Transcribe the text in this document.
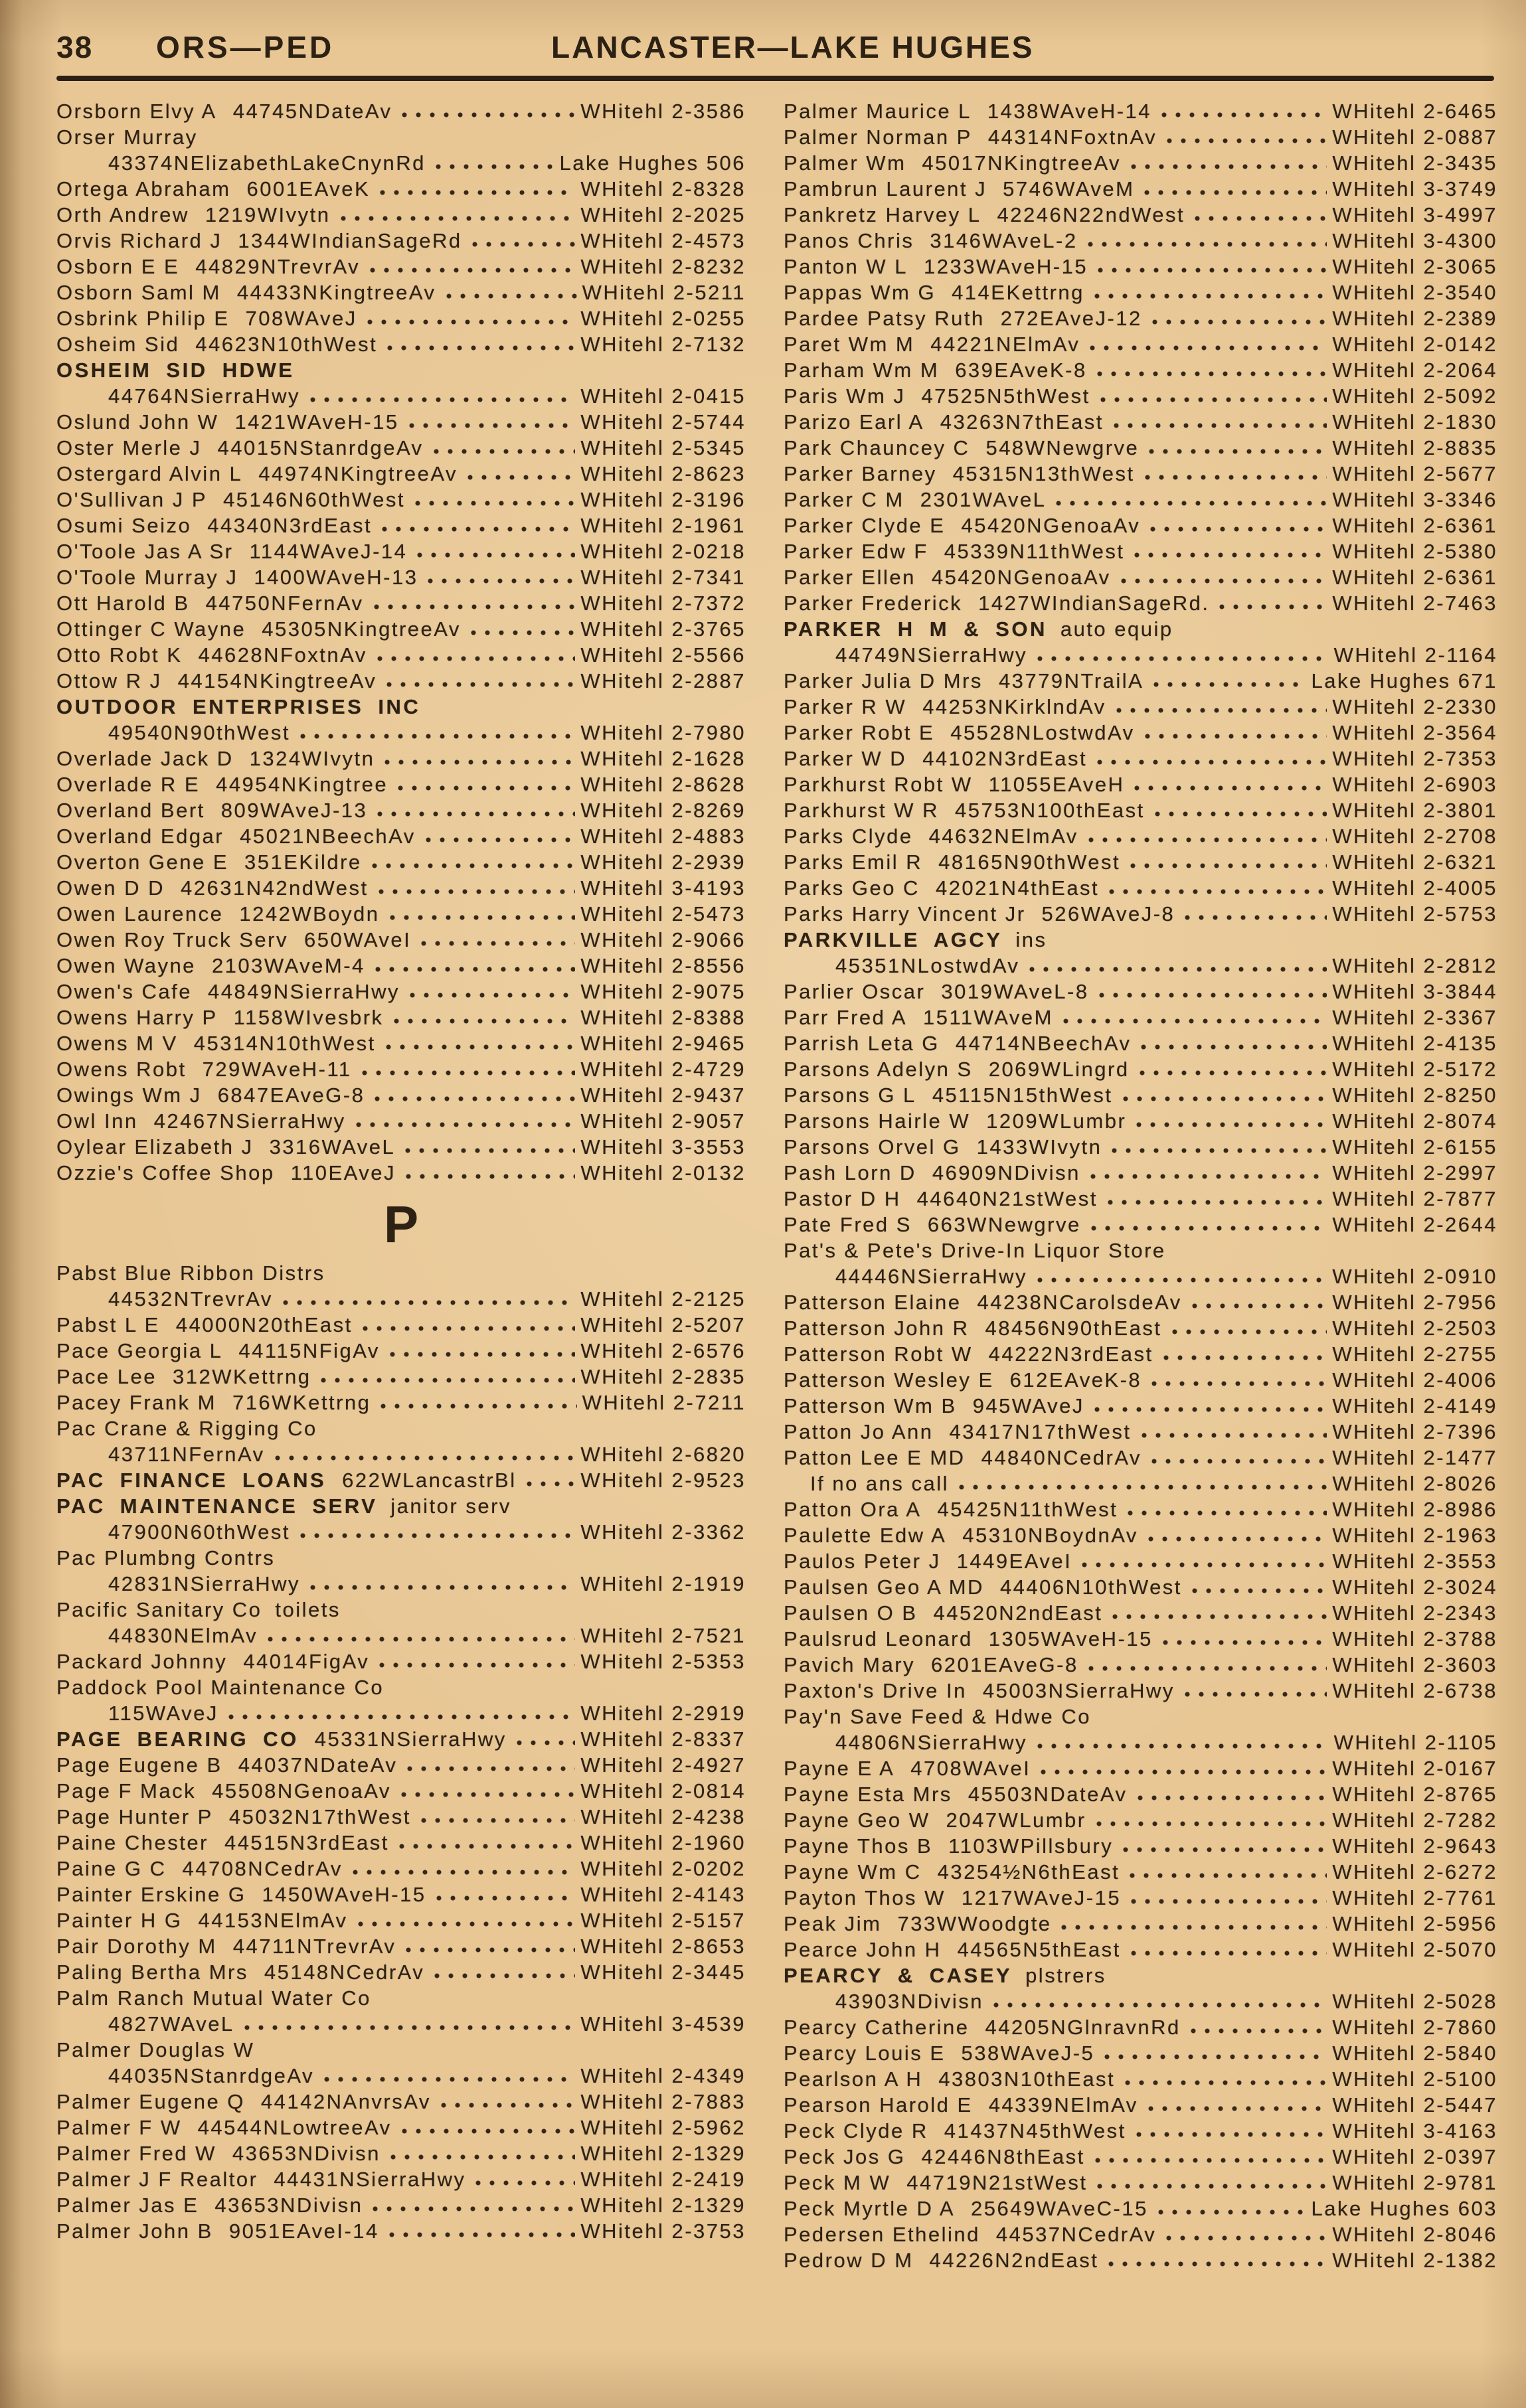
38 ORS—PED	LANCASTER—LAKE HUGHES
Orsborn Elvy A 44745NDateAv	WHitehl 2-3586
Orser Murray
43374NElizabethLakeCnynRd	Lake Hughes 506
Ortega Abraham 6001EAveK	WHitehl 2-8328
Orth Andrew 1219WIvytn	WHitehl 2-2025
Orvis Richard J 1344WIndianSageRd	WHitehl 2-4573
Osborn E E 44829NTrevrAv	WHitehl 2-8232
Osborn Saml M 44433NKingtreeAv	WHitehl 2-5211
Osbrink Philip E 708WAveJ	WHitehl 2-0255
Osheim Sid 44623N10thWest	WHitehl 2-7132
OSHEIM SID HDWE
44764NSierraHwy	WHitehl 2-0415
Oslund John W 1421WAveH-15	WHitehl 2-5744
Oster Merle J 44015NStanrdgeAv	WHitehl 2-5345
Ostergard Alvin L 44974NKingtreeAv	WHitehl 2-8623
O'Sullivan J P 45146N60thWest	WHitehl 2-3196
Osumi Seizo 44340N3rdEast	WHitehl 2-1961
O'Toole Jas A Sr 1144WAveJ-14	WHitehl 2-0218
O'Toole Murray J 1400WAveH-13	WHitehl 2-7341
Ott Harold B 44750NFernAv	WHitehl 2-7372
Ottinger C Wayne 45305NKingtreeAv	WHitehl 2-3765
Otto Robt K 44628NFoxtnAv	WHitehl 2-5566
Ottow R J 44154NKingtreeAv	WHitehl 2-2887
OUTDOOR ENTERPRISES INC
49540N90thWest	WHitehl 2-7980
Overlade Jack D 1324WIvytn	WHitehl 2-1628
Overlade R E 44954NKingtree	WHitehl 2-8628
Overland Bert 809WAveJ-13	WHitehl 2-8269
Overland Edgar 45021NBeechAv	WHitehl 2-4883
Overton Gene E 351EKildre	WHitehl 2-2939
Owen D D 42631N42ndWest	WHitehl 3-4193
Owen Laurence 1242WBoydn	WHitehl 2-5473
Owen Roy Truck Serv 650WAveI	WHitehl 2-9066
Owen Wayne 2103WAveM-4	WHitehl 2-8556
Owen's Cafe 44849NSierraHwy	WHitehl 2-9075
Owens Harry P 1158WIvesbrk	WHitehl 2-8388
Owens M V 45314N10thWest	WHitehl 2-9465
Owens Robt 729WAveH-11	WHitehl 2-4729
Owings Wm J 6847EAveG-8	WHitehl 2-9437
Owl Inn 42467NSierraHwy	WHitehl 2-9057
Oylear Elizabeth J 3316WAveL	WHitehl 3-3553
Ozzie's Coffee Shop 110EAveJ	WHitehl 2-0132
P
Pabst Blue Ribbon Distrs
44532NTrevrAv	WHitehl 2-2125
Pabst L E 44000N20thEast	WHitehl 2-5207
Pace Georgia L 44115NFigAv	WHitehl 2-6576
Pace Lee 312WKettrng	WHitehl 2-2835
Pacey Frank M 716WKettrng	WHitehl 2-7211
Pac Crane & Rigging Co
43711NFernAv	WHitehl 2-6820
PAC FINANCE LOANS 622WLancastrBl	WHitehl 2-9523
PAC MAINTENANCE SERV janitor serv
47900N60thWest	WHitehl 2-3362
Pac Plumbng Contrs
42831NSierraHwy	WHitehl 2-1919
Pacific Sanitary Co toilets
44830NElmAv	WHitehl 2-7521
Packard Johnny 44014FigAv	WHitehl 2-5353
Paddock Pool Maintenance Co
115WAveJ	WHitehl 2-2919
PAGE BEARING CO 45331NSierraHwy	WHitehl 2-8337
Page Eugene B 44037NDateAv	WHitehl 2-4927
Page F Mack 45508NGenoaAv	WHitehl 2-0814
Page Hunter P 45032N17thWest	WHitehl 2-4238
Paine Chester 44515N3rdEast	WHitehl 2-1960
Paine G C 44708NCedrAv	WHitehl 2-0202
Painter Erskine G 1450WAveH-15	WHitehl 2-4143
Painter H G 44153NElmAv	WHitehl 2-5157
Pair Dorothy M 44711NTrevrAv	WHitehl 2-8653
Paling Bertha Mrs 45148NCedrAv	WHitehl 2-3445
Palm Ranch Mutual Water Co
4827WAveL	WHitehl 3-4539
Palmer Douglas W
44035NStanrdgeAv	WHitehl 2-4349
Palmer Eugene Q 44142NAnvrsAv	WHitehl 2-7883
Palmer F W 44544NLowtreeAv	WHitehl 2-5962
Palmer Fred W 43653NDivisn	WHitehl 2-1329
Palmer J F Realtor 44431NSierraHwy	WHitehl 2-2419
Palmer Jas E 43653NDivisn	WHitehl 2-1329
Palmer John B 9051EAveI-14	WHitehl 2-3753
Palmer Maurice L 1438WAveH-14	WHitehl 2-6465
Palmer Norman P 44314NFoxtnAv	WHitehl 2-0887
Palmer Wm 45017NKingtreeAv	WHitehl 2-3435
Pambrun Laurent J 5746WAveM	WHitehl 3-3749
Pankretz Harvey L 42246N22ndWest	WHitehl 3-4997
Panos Chris 3146WAveL-2	WHitehl 3-4300
Panton W L 1233WAveH-15	WHitehl 2-3065
Pappas Wm G 414EKettrng	WHitehl 2-3540
Pardee Patsy Ruth 272EAveJ-12	WHitehl 2-2389
Paret Wm M 44221NElmAv	WHitehl 2-0142
Parham Wm M 639EAveK-8	WHitehl 2-2064
Paris Wm J 47525N5thWest	WHitehl 2-5092
Parizo Earl A 43263N7thEast	WHitehl 2-1830
Park Chauncey C 548WNewgrve	WHitehl 2-8835
Parker Barney 45315N13thWest	WHitehl 2-5677
Parker C M 2301WAveL	WHitehl 3-3346
Parker Clyde E 45420NGenoaAv	WHitehl 2-6361
Parker Edw F 45339N11thWest	WHitehl 2-5380
Parker Ellen 45420NGenoaAv	WHitehl 2-6361
Parker Frederick 1427WIndianSageRd.	WHitehl 2-7463
PARKER H M & SON auto equip
44749NSierraHwy	WHitehl 2-1164
Parker Julia D Mrs 43779NTrailA	Lake Hughes 671
Parker R W 44253NKirklndAv	WHitehl 2-2330
Parker Robt E 45528NLostwdAv	WHitehl 2-3564
Parker W D 44102N3rdEast	WHitehl 2-7353
Parkhurst Robt W 11055EAveH	WHitehl 2-6903
Parkhurst W R 45753N100thEast	WHitehl 2-3801
Parks Clyde 44632NElmAv	WHitehl 2-2708
Parks Emil R 48165N90thWest	WHitehl 2-6321
Parks Geo C 42021N4thEast	WHitehl 2-4005
Parks Harry Vincent Jr 526WAveJ-8	WHitehl 2-5753
PARKVILLE AGCY ins
45351NLostwdAv	WHitehl 2-2812
Parlier Oscar 3019WAveL-8	WHitehl 3-3844
Parr Fred A 1511WAveM	WHitehl 2-3367
Parrish Leta G 44714NBeechAv	WHitehl 2-4135
Parsons Adelyn S 2069WLingrd	WHitehl 2-5172
Parsons G L 45115N15thWest	WHitehl 2-8250
Parsons Hairle W 1209WLumbr	WHitehl 2-8074
Parsons Orvel G 1433WIvytn	WHitehl 2-6155
Pash Lorn D 46909NDivisn	WHitehl 2-2997
Pastor D H 44640N21stWest	WHitehl 2-7877
Pate Fred S 663WNewgrve	WHitehl 2-2644
Pat's & Pete's Drive-In Liquor Store
44446NSierraHwy	WHitehl 2-0910
Patterson Elaine 44238NCarolsdeAv	WHitehl 2-7956
Patterson John R 48456N90thEast	WHitehl 2-2503
Patterson Robt W 44222N3rdEast	WHitehl 2-2755
Patterson Wesley E 612EAveK-8	WHitehl 2-4006
Patterson Wm B 945WAveJ	WHitehl 2-4149
Patton Jo Ann 43417N17thWest	WHitehl 2-7396
Patton Lee E MD 44840NCedrAv	WHitehl 2-1477
If no ans call	WHitehl 2-8026
Patton Ora A 45425N11thWest	WHitehl 2-8986
Paulette Edw A 45310NBoydnAv	WHitehl 2-1963
Paulos Peter J 1449EAveI	WHitehl 2-3553
Paulsen Geo A MD 44406N10thWest	WHitehl 2-3024
Paulsen O B 44520N2ndEast	WHitehl 2-2343
Paulsrud Leonard 1305WAveH-15	WHitehl 2-3788
Pavich Mary 6201EAveG-8	WHitehl 2-3603
Paxton's Drive In 45003NSierraHwy	WHitehl 2-6738
Pay'n Save Feed & Hdwe Co
44806NSierraHwy	WHitehl 2-1105
Payne E A 4708WAveI	WHitehl 2-0167
Payne Esta Mrs 45503NDateAv	WHitehl 2-8765
Payne Geo W 2047WLumbr	WHitehl 2-7282
Payne Thos B 1103WPillsbury	WHitehl 2-9643
Payne Wm C 43254½N6thEast	WHitehl 2-6272
Payton Thos W 1217WAveJ-15	WHitehl 2-7761
Peak Jim 733WWoodgte	WHitehl 2-5956
Pearce John H 44565N5thEast	WHitehl 2-5070
PEARCY & CASEY plstrers
43903NDivisn	WHitehl 2-5028
Pearcy Catherine 44205NGlnravnRd	WHitehl 2-7860
Pearcy Louis E 538WAveJ-5	WHitehl 2-5840
Pearlson A H 43803N10thEast	WHitehl 2-5100
Pearson Harold E 44339NElmAv	WHitehl 2-5447
Peck Clyde R 41437N45thWest	WHitehl 3-4163
Peck Jos G 42446N8thEast	WHitehl 2-0397
Peck M W 44719N21stWest	WHitehl 2-9781
Peck Myrtle D A 25649WAveC-15	Lake Hughes 603
Pedersen Ethelind 44537NCedrAv	WHitehl 2-8046
Pedrow D M 44226N2ndEast	WHitehl 2-1382
